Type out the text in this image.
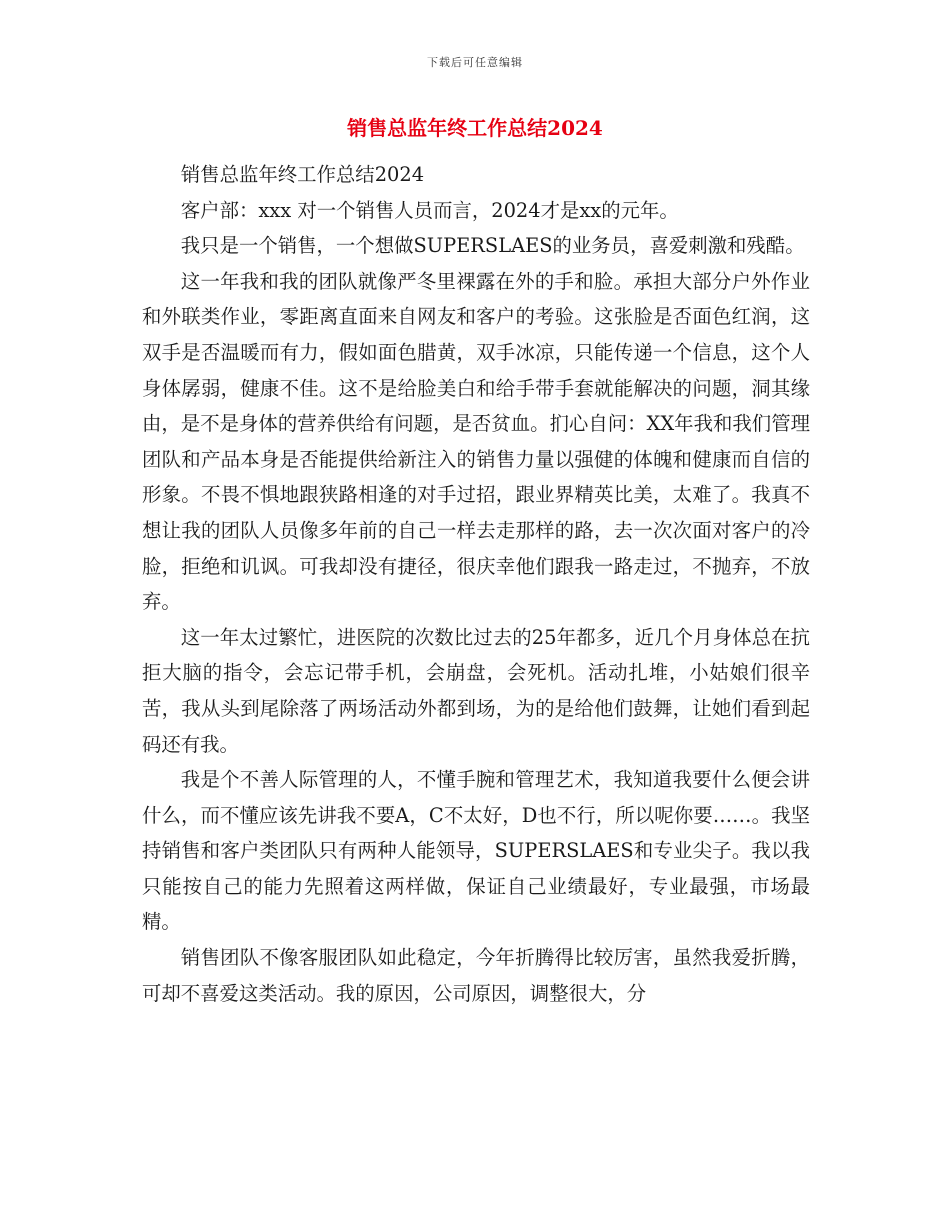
下载后可任意编辑
销售总监年终工作总结2024

销售总监年终工作总结2024

客户部：xxx 对一个销售人员而言，2024才是xx的元年。

我只是一个销售，一个想做SUPERSLAES的业务员，喜爱刺激和残酷。

这一年我和我的团队就像严冬里裸露在外的手和脸。承担大部分户外作业和外联类作业，零距离直面来自网友和客户的考验。这张脸是否面色红润，这双手是否温暖而有力，假如面色腊黄，双手冰凉，只能传递一个信息，这个人身体孱弱，健康不佳。这不是给脸美白和给手带手套就能解决的问题，洞其缘由，是不是身体的营养供给有问题，是否贫血。扪心自问：XX年我和我们管理团队和产品本身是否能提供给新注入的销售力量以强健的体魄和健康而自信的形象。不畏不惧地跟狭路相逢的对手过招，跟业界精英比美，太难了。我真不想让我的团队人员像多年前的自己一样去走那样的路，去一次次面对客户的冷脸，拒绝和讥讽。可我却没有捷径，很庆幸他们跟我一路走过，不抛弃，不放弃。

这一年太过繁忙，进医院的次数比过去的25年都多，近几个月身体总在抗拒大脑的指令，会忘记带手机，会崩盘，会死机。活动扎堆，小姑娘们很辛苦，我从头到尾除落了两场活动外都到场，为的是给他们鼓舞，让她们看到起码还有我。

我是个不善人际管理的人，不懂手腕和管理艺术，我知道我要什么便会讲什么，而不懂应该先讲我不要A，C不太好，D也不行，所以呢你要……。我坚持销售和客户类团队只有两种人能领导，SUPERSLAES和专业尖子。我以我只能按自己的能力先照着这两样做，保证自己业绩最好，专业最强，市场最精。

销售团队不像客服团队如此稳定，今年折腾得比较厉害，虽然我爱折腾，可却不喜爱这类活动。我的原因，公司原因，调整很大，分
